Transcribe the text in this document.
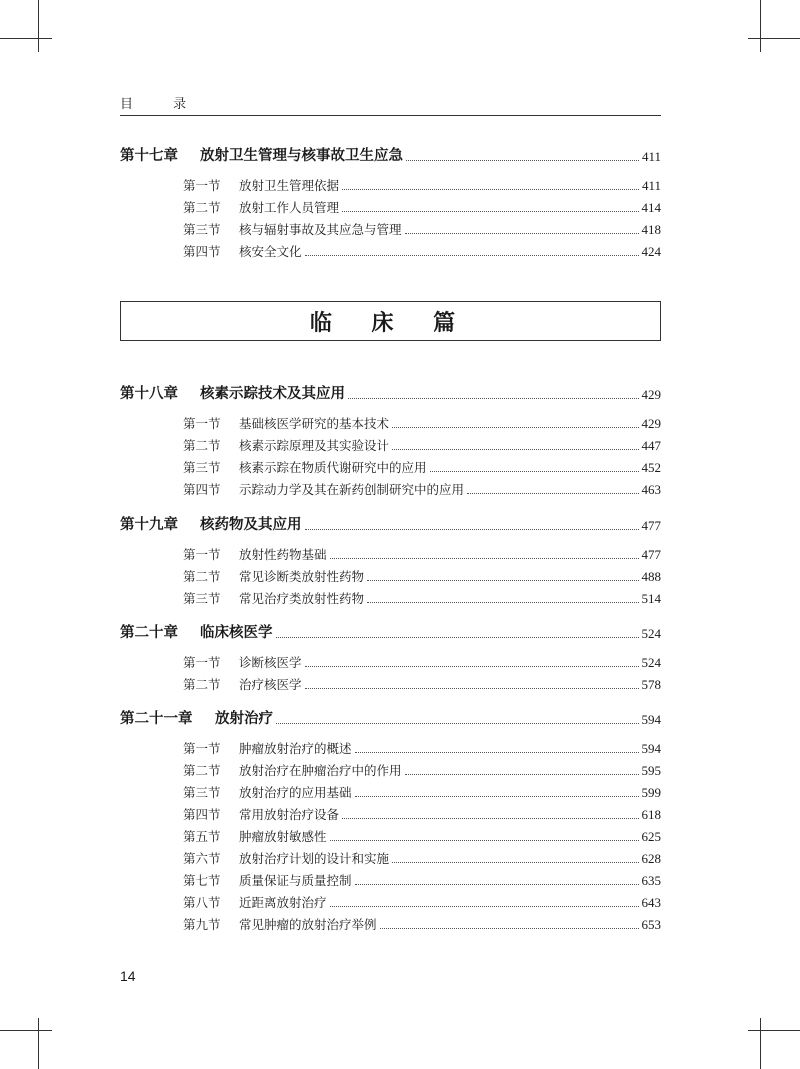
目 录
第十七章	放射卫生管理与核事故卫生应急	411
第一节	放射卫生管理依据	411
第二节	放射工作人员管理	414
第三节	核与辐射事故及其应急与管理	418
第四节	核安全文化	424
临 床 篇
第十八章	核素示踪技术及其应用	429
第一节	基础核医学研究的基本技术	429
第二节	核素示踪原理及其实验设计	447
第三节	核素示踪在物质代谢研究中的应用	452
第四节	示踪动力学及其在新药创制研究中的应用	463
第十九章	核药物及其应用	477
第一节	放射性药物基础	477
第二节	常见诊断类放射性药物	488
第三节	常见治疗类放射性药物	514
第二十章	临床核医学	524
第一节	诊断核医学	524
第二节	治疗核医学	578
第二十一章	放射治疗	594
第一节	肿瘤放射治疗的概述	594
第二节	放射治疗在肿瘤治疗中的作用	595
第三节	放射治疗的应用基础	599
第四节	常用放射治疗设备	618
第五节	肿瘤放射敏感性	625
第六节	放射治疗计划的设计和实施	628
第七节	质量保证与质量控制	635
第八节	近距离放射治疗	643
第九节	常见肿瘤的放射治疗举例	653
14
